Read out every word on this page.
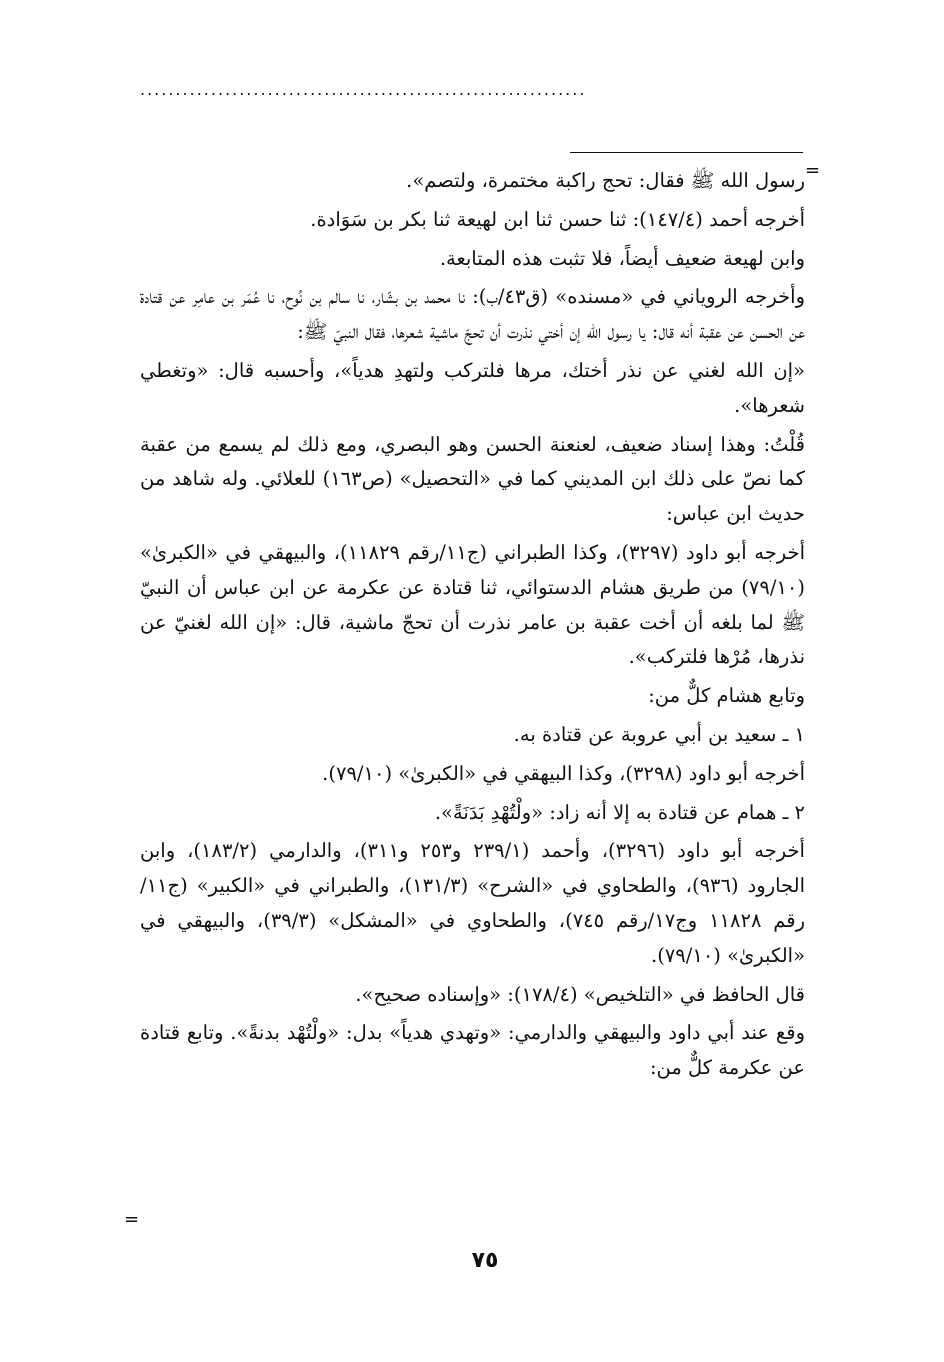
...............................................................
=

رسول الله ﷺ فقال: تحج راكبة مختمرة، ولتصم».

أخرجه أحمد (١٤٧/٤): ثنا حسن ثنا ابن لهيعة ثنا بكر بن سَوَادة.

وابن لهيعة ضعيف أيضاً، فلا تثبت هذه المتابعة.

وأخرجه الروياني في «مسنده» (ق٤٣/ب): نا محمد بن بشّار، نا سالم بن نُوح، نا عُمَر بن عامِر عن قتادة عن الحسن عن عقبة أنه قال: يا رسول الله إن أختي نذرت أن تحجّ ماشية شعرها، فقال النبيّ ﷺ:

«إن الله لغني عن نذر أختك، مرها فلتركب ولتهدِ هدياً»، وأحسبه قال: «وتغطي شعرها».

قُلْتُ: وهذا إسناد ضعيف، لعنعنة الحسن وهو البصري، ومع ذلك لم يسمع من عقبة كما نصّ على ذلك ابن المديني كما في «التحصيل» (ص١٦٣) للعلائي. وله شاهد من حديث ابن عباس:

أخرجه أبو داود (٣٢٩٧)، وكذا الطبراني (ج١١/رقم ١١٨٢٩)، والبيهقي في «الكبرىٰ» (٧٩/١٠) من طريق هشام الدستوائي، ثنا قتادة عن عكرمة عن ابن عباس أن النبيّ ﷺ لما بلغه أن أخت عقبة بن عامر نذرت أن تحجّ ماشية، قال: «إن الله لغنيّ عن نذرها، مُرْها فلتركب».

وتابع هشام كلٌّ من:

١ ـ سعيد بن أبي عروبة عن قتادة به.

أخرجه أبو داود (٣٢٩٨)، وكذا البيهقي في «الكبرىٰ» (٧٩/١٠).

٢ ـ همام عن قتادة به إلا أنه زاد: «ولْتُهْدِ بَدَنَةً».

أخرجه أبو داود (٣٢٩٦)، وأحمد (٢٣٩/١ و٢٥٣ و٣١١)، والدارمي (١٨٣/٢)، وابن الجارود (٩٣٦)، والطحاوي في «الشرح» (١٣١/٣)، والطبراني في «الكبير» (ج١١/رقم ١١٨٢٨ وج١٧/رقم ٧٤٥)، والطحاوي في «المشكل» (٣٩/٣)، والبيهقي في «الكبرىٰ» (٧٩/١٠).

قال الحافظ في «التلخيص» (١٧٨/٤): «وإسناده صحيح».

وقع عند أبي داود والبيهقي والدارمي: «وتهدي هدياً» بدل: «ولْتُهْد بدنةً». وتابع قتادة عن عكرمة كلٌّ من:

=
٧٥
